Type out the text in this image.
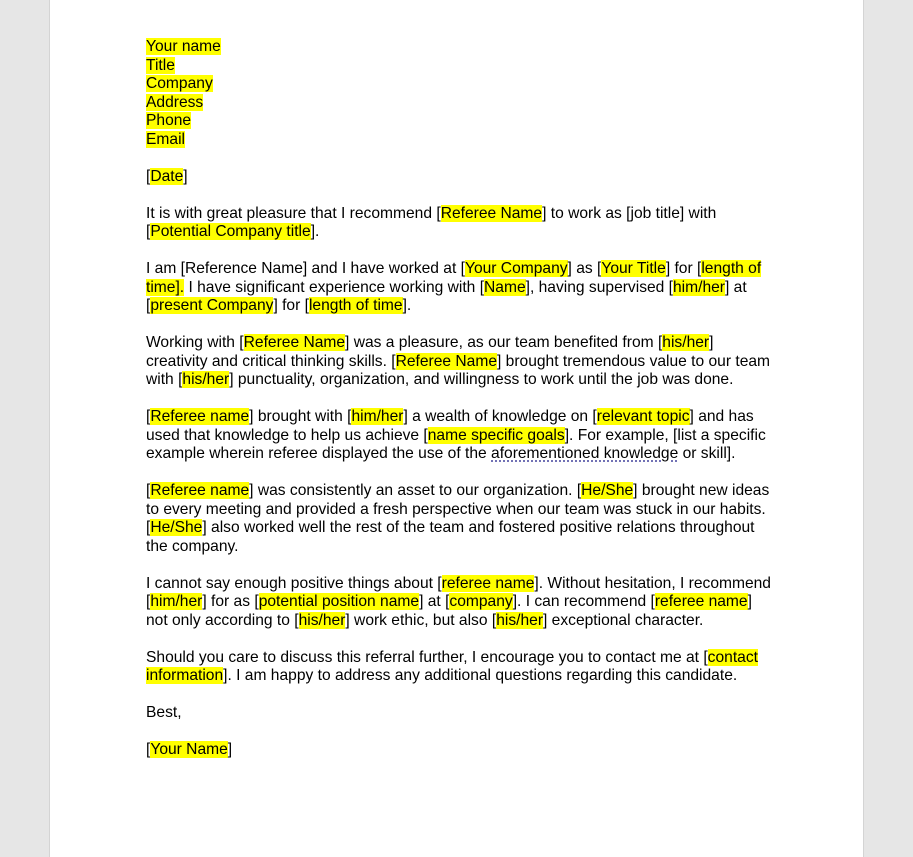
Your name

Title

Company

Address

Phone

Email

[Date]

It is with great pleasure that I recommend [Referee Name] to work as [job title] with [Potential Company title].

I am [Reference Name] and I have worked at [Your Company] as [Your Title] for [length of time]. I have significant experience working with [Name], having supervised [him/her] at [present Company] for [length of time].

Working with [Referee Name] was a pleasure, as our team benefited from [his/her] creativity and critical thinking skills. [Referee Name] brought tremendous value to our team with [his/her] punctuality, organization, and willingness to work until the job was done.

[Referee name] brought with [him/her] a wealth of knowledge on [relevant topic] and has used that knowledge to help us achieve [name specific goals]. For example, [list a specific example wherein referee displayed the use of the aforementioned knowledge or skill].

[Referee name] was consistently an asset to our organization. [He/She] brought new ideas to every meeting and provided a fresh perspective when our team was stuck in our habits. [He/She] also worked well the rest of the team and fostered positive relations throughout the company.

I cannot say enough positive things about [referee name]. Without hesitation, I recommend [him/her] for as [potential position name] at [company]. I can recommend [referee name] not only according to [his/her] work ethic, but also [his/her] exceptional character.

Should you care to discuss this referral further, I encourage you to contact me at [contact information]. I am happy to address any additional questions regarding this candidate.

Best,

[Your Name]
